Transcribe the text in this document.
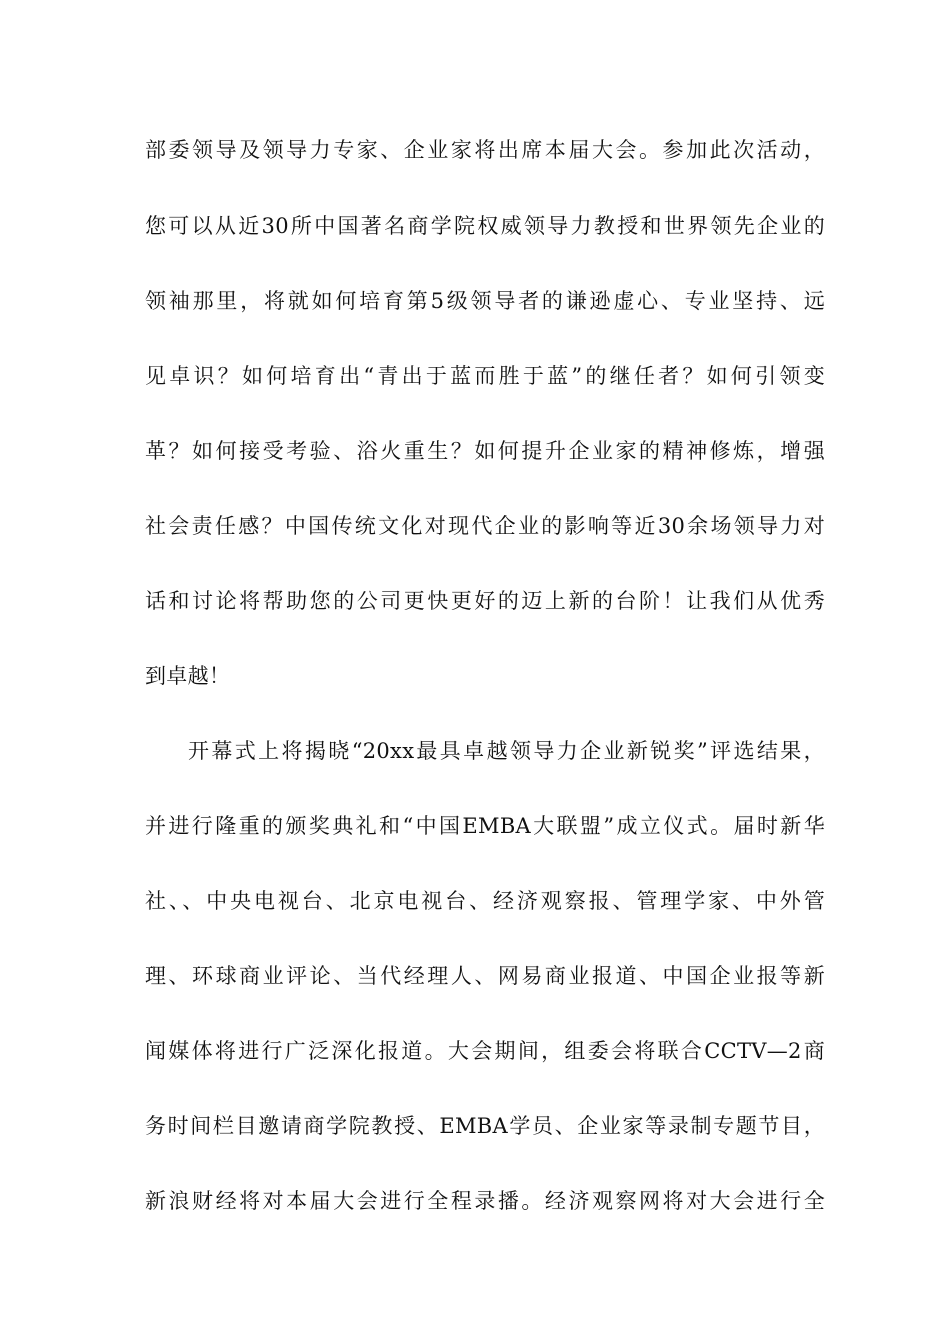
部委领导及领导力专家、企业家将出席本届大会。参加此次活动，
您可以从近30所中国著名商学院权威领导力教授和世界领先企业的
领袖那里，将就如何培育第5级领导者的谦逊虚心、专业坚持、远
见卓识？如何培育出“青出于蓝而胜于蓝”的继任者？如何引领变
革？如何接受考验、浴火重生？如何提升企业家的精神修炼，增强
社会责任感？中国传统文化对现代企业的影响等近30余场领导力对
话和讨论将帮助您的公司更快更好的迈上新的台阶！让我们从优秀
到卓越！
开幕式上将揭晓“20xx最具卓越领导力企业新锐奖”评选结果，
并进行隆重的颁奖典礼和“中国EMBA大联盟”成立仪式。届时新华
社、、中央电视台、北京电视台、经济观察报、管理学家、中外管
理、环球商业评论、当代经理人、网易商业报道、中国企业报等新
闻媒体将进行广泛深化报道。大会期间，组委会将联合CCTV—2商
务时间栏目邀请商学院教授、EMBA学员、企业家等录制专题节目，
新浪财经将对本届大会进行全程录播。经济观察网将对大会进行全
